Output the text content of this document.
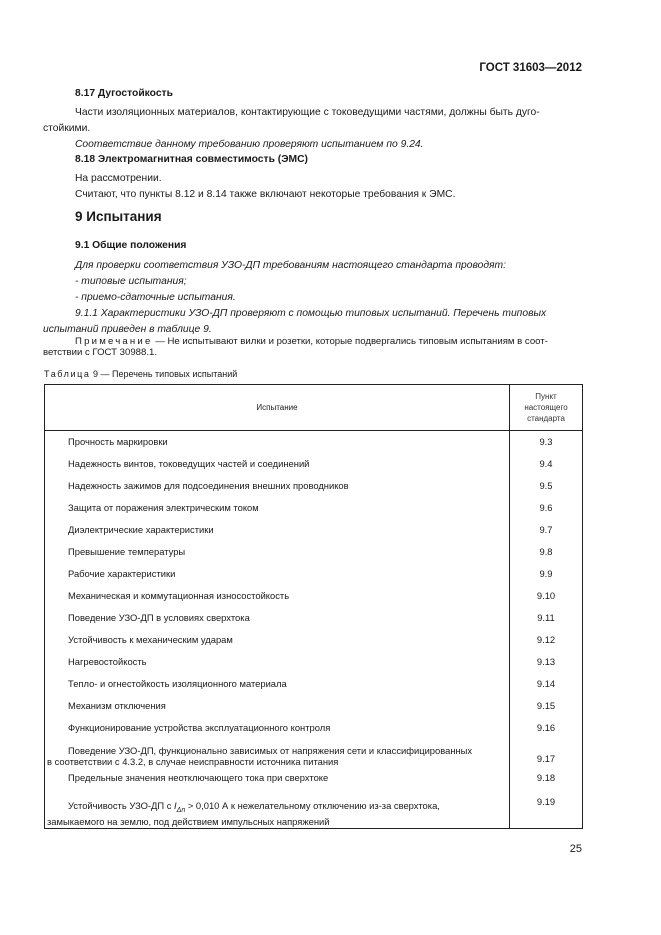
ГОСТ 31603—2012
8.17 Дугостойкость
Части изоляционных материалов, контактирующие с токоведущими частями, должны быть дуго-
стойкими.
Соответствие данному требованию проверяют испытанием по 9.24.
8.18 Электромагнитная совместимость (ЭМС)
На рассмотрении.
Считают, что пункты 8.12 и 8.14 также включают некоторые требования к ЭМС.
9 Испытания
9.1 Общие положения
Для проверки соответствия УЗО-ДП требованиям настоящего стандарта проводят:
- типовые испытания;
- приемо-сдаточные испытания.
9.1.1 Характеристики УЗО-ДП проверяют с помощью типовых испытаний. Перечень типовых
испытаний приведен в таблице 9.
Примечание — Не испытывают вилки и розетки, которые подвергались типовым испытаниям в соот-
ветствии с ГОСТ 30988.1.
Таблица 9 — Перечень типовых испытаний
Испытание	Пункт
настоящего
стандарта

Прочность маркировки	9.3
Надежность винтов, токоведущих частей и соединений	9.4
Надежность зажимов для подсоединения внешних проводников	9.5
Защита от поражения электрическим током	9.6
Диэлектрические характеристики	9.7
Превышение температуры	9.8
Рабочие характеристики	9.9
Механическая и коммутационная износостойкость	9.10
Поведение УЗО-ДП в условиях сверхтока	9.11
Устойчивость к механическим ударам	9.12
Нагревостойкость	9.13
Тепло- и огнестойкость изоляционного материала	9.14
Механизм отключения	9.15
Функционирование устройства эксплуатационного контроля	9.16

Поведение УЗО-ДП, функционально зависимых от напряжения сети и классифицированных
в соответствии с 4.3.2, в случае неисправности источника питания	9.17
Предельные значения неотключающего тока при сверхтоке	9.18

Устойчивость УЗО-ДП с $I_{\Delta n} > 0,010$ А к нежелательному отключению из-за сверхтока,
замыкаемого на землю, под действием импульсных напряжений	9.19
25
